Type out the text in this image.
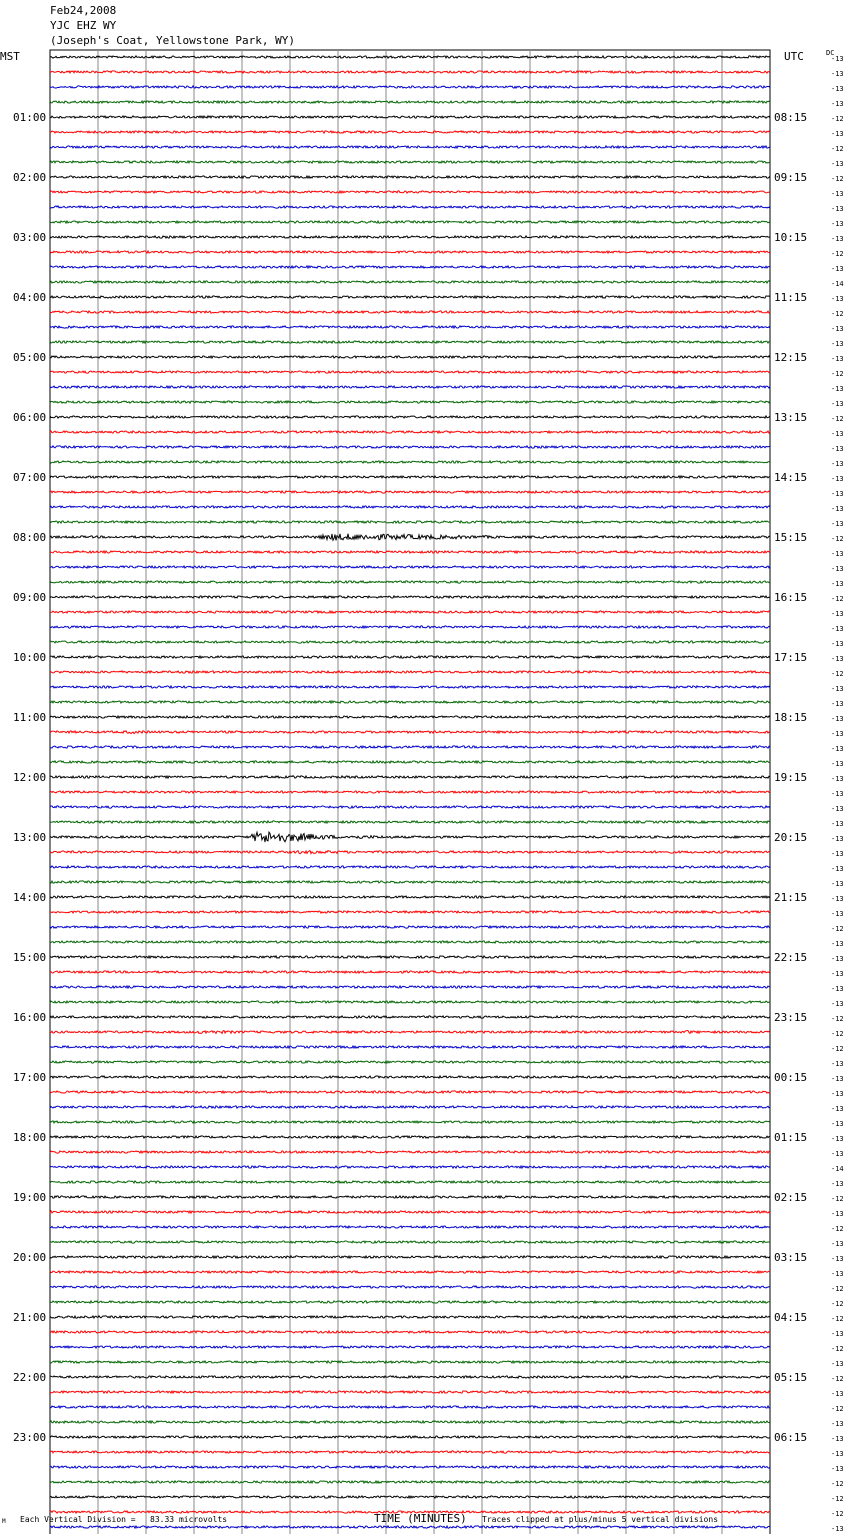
Feb24,2008
YJC EHZ WY
(Joseph's Coat, Yellowstone Park, WY)
MST	UTC	DC
01:00
02:00
03:00
04:00
05:00
06:00
07:00
08:00
09:00
10:00
11:00
12:00
13:00
14:00
15:00
16:00
17:00
18:00
19:00
20:00
21:00
22:00
23:00
08:15
09:15
10:15
11:15
12:15
13:15
14:15
15:15
16:15
17:15
18:15
19:15
20:15
21:15
22:15
23:15
00:15
01:15
02:15
03:15
04:15
05:15
06:15
-13
-13
-13
-13
-12
-13
-12
-13
-12
-13
-13
-13
-13
-12
-13
-14
-13
-12
-13
-13
-13
-12
-13
-13
-12
-13
-13
-13
-13
-13
-13
-13
-12
-13
-13
-13
-12
-13
-13
-13
-13
-12
-13
-13
-13
-13
-13
-13
-13
-13
-13
-13
-13
-13
-13
-13
-13
-13
-12
-13
-13
-13
-13
-13
-12
-12
-12
-13
-13
-13
-13
-13
-13
-13
-14
-13
-12
-13
-12
-13
-13
-13
-12
-12
-12
-13
-12
-13
-12
-13
-12
-13
-13
-13
-13
-12
-12
-12
-13
M Each Vertical Division =   83.33 microvolts	TIME (MINUTES) Traces clipped at plus/minus 5 vertical divisions
